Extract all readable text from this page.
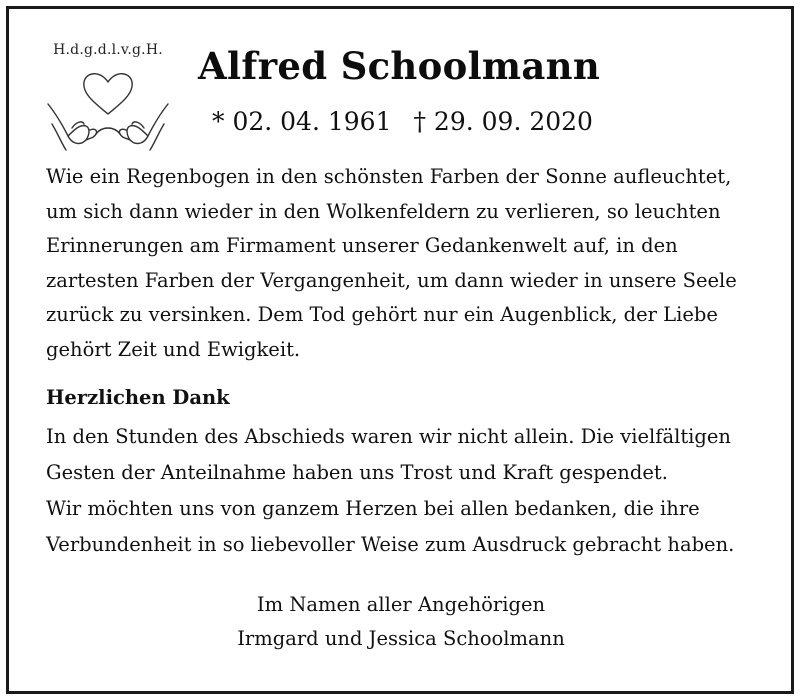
H.d.g.d.l.v.g.H. Alfred Schoolmann
* 02. 04. 1961 † 29. 09. 2020

Wie ein Regenbogen in den schönsten Farben der Sonne aufleuchtet,

um sich dann wieder in den Wolkenfeldern zu verlieren, so leuchten

Erinnerungen am Firmament unserer Gedankenwelt auf, in den

zartesten Farben der Vergangenheit, um dann wieder in unsere Seele

zurück zu versinken. Dem Tod gehört nur ein Augenblick, der Liebe

gehört Zeit und Ewigkeit.

Herzlichen Dank

In den Stunden des Abschieds waren wir nicht allein. Die vielfältigen

Gesten der Anteilnahme haben uns Trost und Kraft gespendet.

Wir möchten uns von ganzem Herzen bei allen bedanken, die ihre

Verbundenheit in so liebevoller Weise zum Ausdruck gebracht haben.

Im Namen aller Angehörigen
Irmgard und Jessica Schoolmann
